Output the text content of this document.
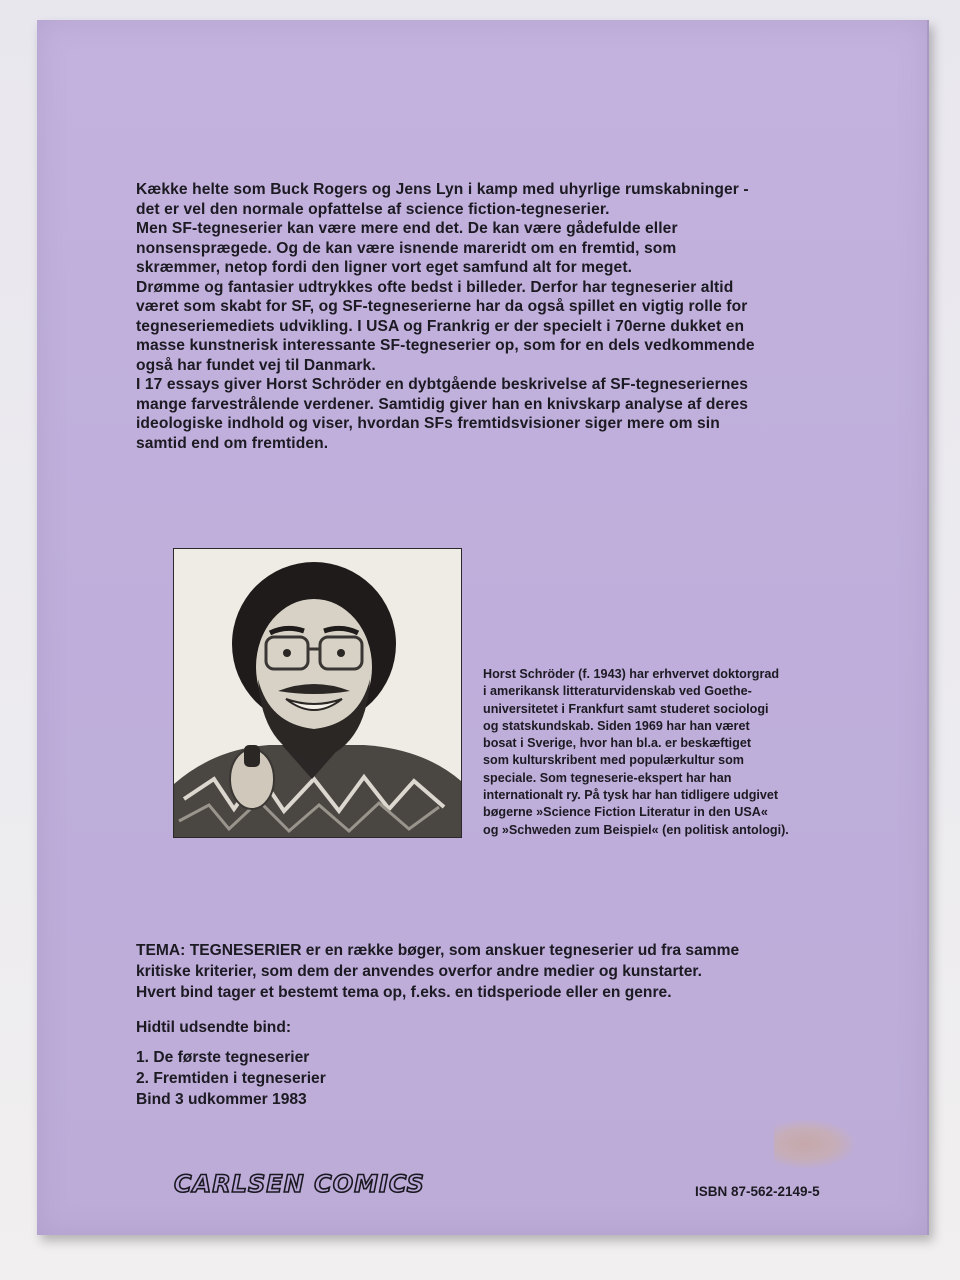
Kække helte som Buck Rogers og Jens Lyn i kamp med uhyrlige rumskabninger -

det er vel den normale opfattelse af science fiction-tegneserier.

Men SF-tegneserier kan være mere end det. De kan være gådefulde eller

nonsensprægede. Og de kan være isnende mareridt om en fremtid, som

skræmmer, netop fordi den ligner vort eget samfund alt for meget.

Drømme og fantasier udtrykkes ofte bedst i billeder. Derfor har tegneserier altid

været som skabt for SF, og SF-tegneserierne har da også spillet en vigtig rolle for

tegneseriemediets udvikling. I USA og Frankrig er der specielt i 70erne dukket en

masse kunstnerisk interessante SF-tegneserier op, som for en dels vedkommende

også har fundet vej til Danmark.

I 17 essays giver Horst Schröder en dybtgående beskrivelse af SF-tegneseriernes

mange farvestrålende verdener. Samtidig giver han en knivskarp analyse af deres

ideologiske indhold og viser, hvordan SFs fremtidsvisioner siger mere om sin

samtid end om fremtiden.

Horst Schröder (f. 1943) har erhvervet doktorgrad
i amerikansk litteraturvidenskab ved Goethe-
universitetet i Frankfurt samt studeret sociologi
og statskundskab. Siden 1969 har han været
bosat i Sverige, hvor han bl.a. er beskæftiget
som kulturskribent med populærkultur som
speciale. Som tegneserie-ekspert har han
internationalt ry. På tysk har han tidligere udgivet
bøgerne »Science Fiction Literatur in den USA«
og »Schweden zum Beispiel« (en politisk antologi).
TEMA: TEGNESERIER er en række bøger, som anskuer tegneserier ud fra samme
kritiske kriterier, som dem der anvendes overfor andre medier og kunstarter.
Hvert bind tager et bestemt tema op, f.eks. en tidsperiode eller en genre.
Hidtil udsendte bind:
1. De første tegneserier
2. Fremtiden i tegneserier
Bind 3 udkommer 1983
CARLSEN COMICS	ISBN 87-562-2149-5
